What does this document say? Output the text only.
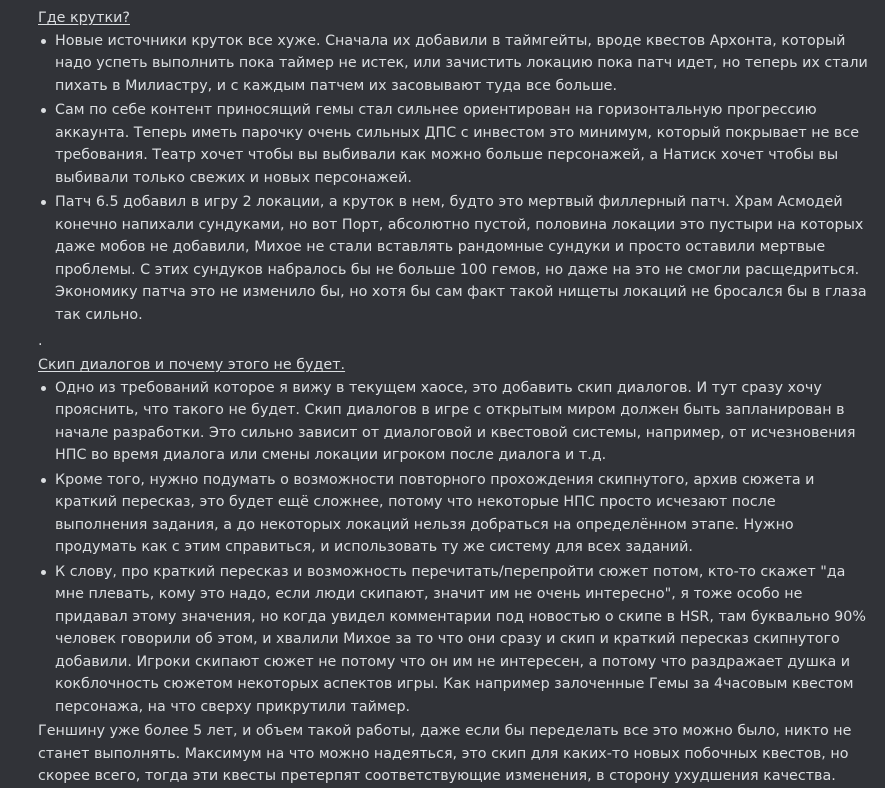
Где крутки?
Новые источники круток все хуже. Сначала их добавили в таймгейты, вроде квестов Архонта, который надо успеть выполнить пока таймер не истек, или зачистить локацию пока патч идет, но теперь их стали пихать в Милиастру, и с каждым патчем их засовывают туда все больше.
Сам по себе контент приносящий гемы стал сильнее ориентирован на горизонтальную прогрессию аккаунта. Теперь иметь парочку очень сильных ДПС с инвестом это минимум, который покрывает не все требования. Театр хочет чтобы вы выбивали как можно больше персонажей, а Натиск хочет чтобы вы выбивали только свежих и новых персонажей.
Патч 6.5 добавил в игру 2 локации, а круток в нем, будто это мертвый филлерный патч. Храм Асмодей конечно напихали сундуками, но вот Порт, абсолютно пустой, половина локации это пустыри на которых даже мобов не добавили, Михое не стали вставлять рандомные сундуки и просто оставили мертвые проблемы. С этих сундуков набралось бы не больше 100 гемов, но даже на это не смогли расщедриться. Экономику патча это не изменило бы, но хотя бы сам факт такой нищеты локаций не бросался бы в глаза так сильно.
.
Скип диалогов и почему этого не будет.
Одно из требований которое я вижу в текущем хаосе, это добавить скип диалогов. И тут сразу хочу прояснить, что такого не будет. Скип диалогов в игре с открытым миром должен быть запланирован в начале разработки. Это сильно зависит от диалоговой и квестовой системы, например, от исчезновения НПС во время диалога или смены локации игроком после диалога и т.д.
Кроме того, нужно подумать о возможности повторного прохождения скипнутого, архив сюжета и краткий пересказ, это будет ещё сложнее, потому что некоторые НПС просто исчезают после выполнения задания, а до некоторых локаций нельзя добраться на определённом этапе. Нужно продумать как с этим справиться, и использовать ту же систему для всех заданий.
К слову, про краткий пересказ и возможность перечитать/перепройти сюжет потом, кто-то скажет "да мне плевать, кому это надо, если люди скипают, значит им не очень интересно", я тоже особо не придавал этому значения, но когда увидел комментарии под новостью о скипе в HSR, там буквально 90% человек говорили об этом, и хвалили Михое за то что они сразу и скип и краткий пересказ скипнутого добавили. Игроки скипают сюжет не потому что он им не интересен, а потому что раздражает душка и кокблочность сюжетом некоторых аспектов игры. Как например залоченные Гемы за 4часовым квестом персонажа, на что сверху прикрутили таймер.
Геншину уже более 5 лет, и объем такой работы, даже если бы переделать все это можно было, никто не станет выполнять. Максимум на что можно надеяться, это скип для каких-то новых побочных квестов, но скорее всего, тогда эти квесты претерпят соответствующие изменения, в сторону ухудшения качества.
